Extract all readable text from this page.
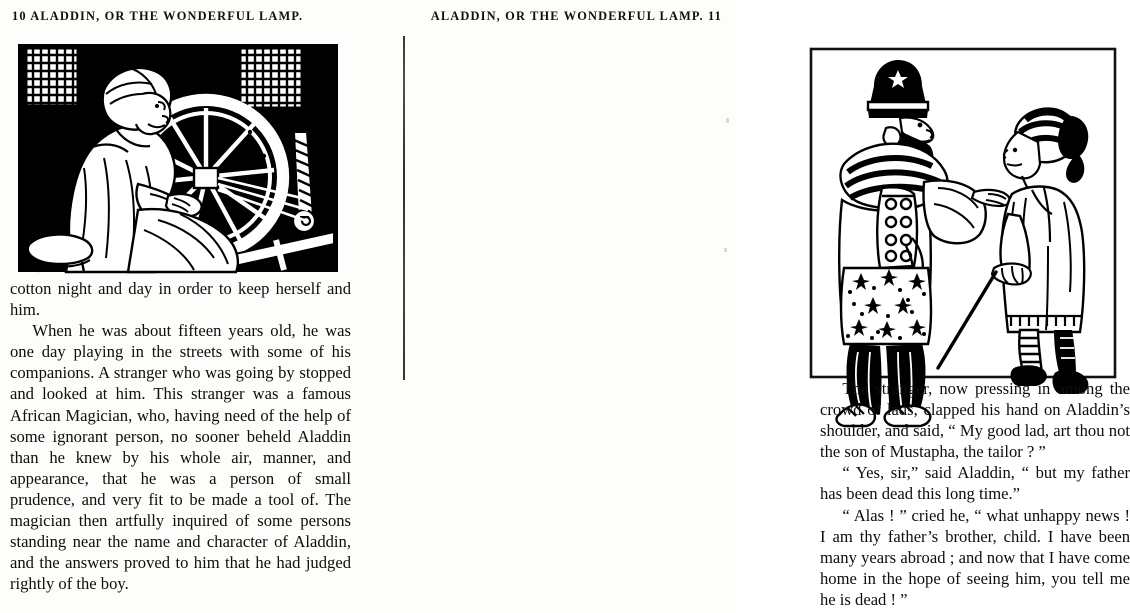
10 ALADDIN, OR THE WONDERFUL LAMP.

cotton night and day in order to keep herself and him.

When he was about fifteen years old, he was one day playing in the streets with some of his companions. A stranger who was going by stopped and looked at him. This stranger was a famous African Magician, who, having need of the help of some ignorant person, no sooner beheld Aladdin than he knew by his whole air, manner, and appearance, that he was a person of small prudence, and very fit to be made a tool of. The magician then artfully inquired of some persons standing near the name and character of Aladdin, and the answers proved to him that he had judged rightly of the boy.

ALADDIN, OR THE WONDERFUL LAMP. 11

The stranger, now pressing in among the crowd of lads, clapped his hand on Aladdin’s shoulder, and said, “ My good lad, art thou not the son of Mustapha, the tailor ? ”

“ Yes, sir,” said Aladdin, “ but my father has been dead this long time.”

“ Alas ! ” cried he, “ what unhappy news ! I am thy father’s brother, child. I have been many years abroad ; and now that I have come home in the hope of seeing him, you tell me he is dead ! ”
